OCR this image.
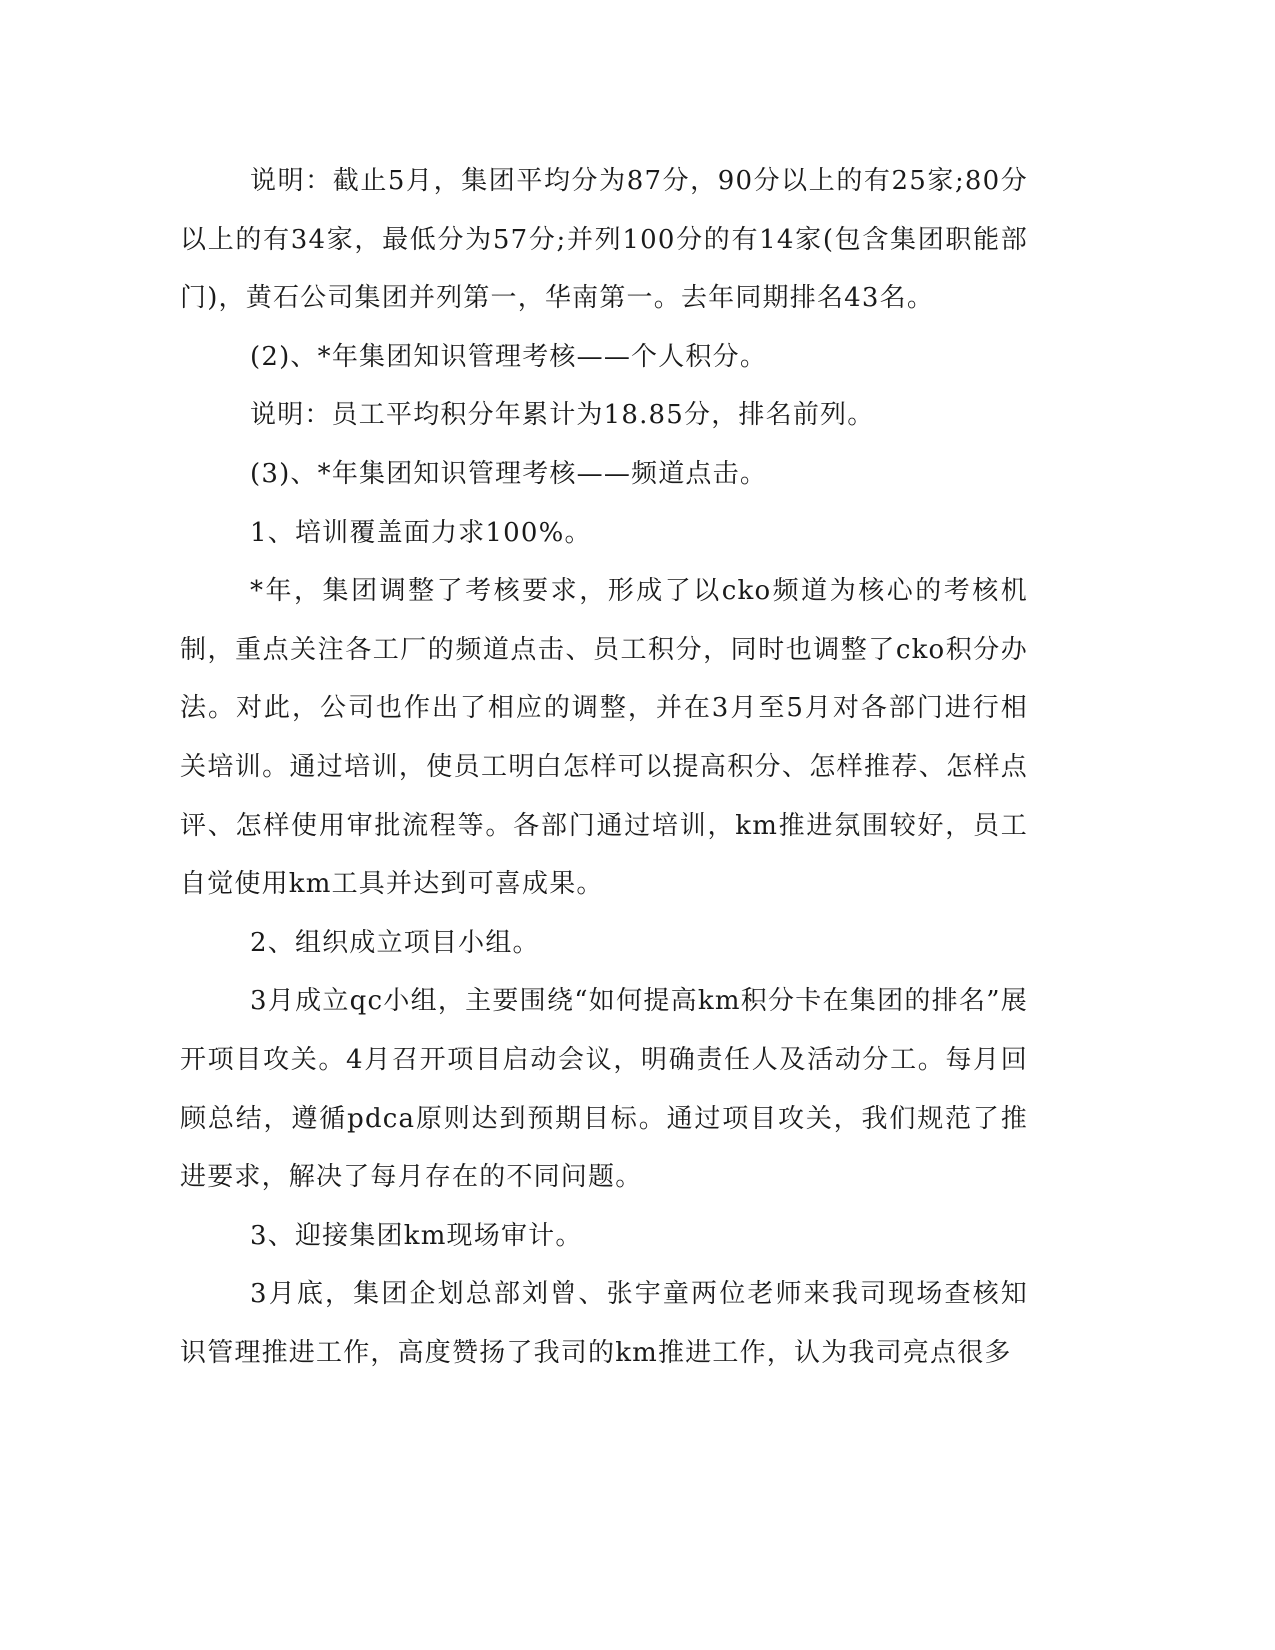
说明：截止5月，集团平均分为87分，90分以上的有25家;80分以上的有34家，最低分为57分;并列100分的有14家(包含集团职能部门)，黄石公司集团并列第一，华南第一。去年同期排名43名。

(2)、*年集团知识管理考核——个人积分。

说明：员工平均积分年累计为18.85分，排名前列。

(3)、*年集团知识管理考核——频道点击。

1、培训覆盖面力求100%。

*年，集团调整了考核要求，形成了以cko频道为核心的考核机制，重点关注各工厂的频道点击、员工积分，同时也调整了cko积分办法。对此，公司也作出了相应的调整，并在3月至5月对各部门进行相关培训。通过培训，使员工明白怎样可以提高积分、怎样推荐、怎样点评、怎样使用审批流程等。各部门通过培训，km推进氛围较好，员工自觉使用km工具并达到可喜成果。

2、组织成立项目小组。

3月成立qc小组，主要围绕“如何提高km积分卡在集团的排名”展开项目攻关。4月召开项目启动会议，明确责任人及活动分工。每月回顾总结，遵循pdca原则达到预期目标。通过项目攻关，我们规范了推进要求，解决了每月存在的不同问题。

3、迎接集团km现场审计。

3月底，集团企划总部刘曾、张宇童两位老师来我司现场查核知识管理推进工作，高度赞扬了我司的km推进工作，认为我司亮点很多
